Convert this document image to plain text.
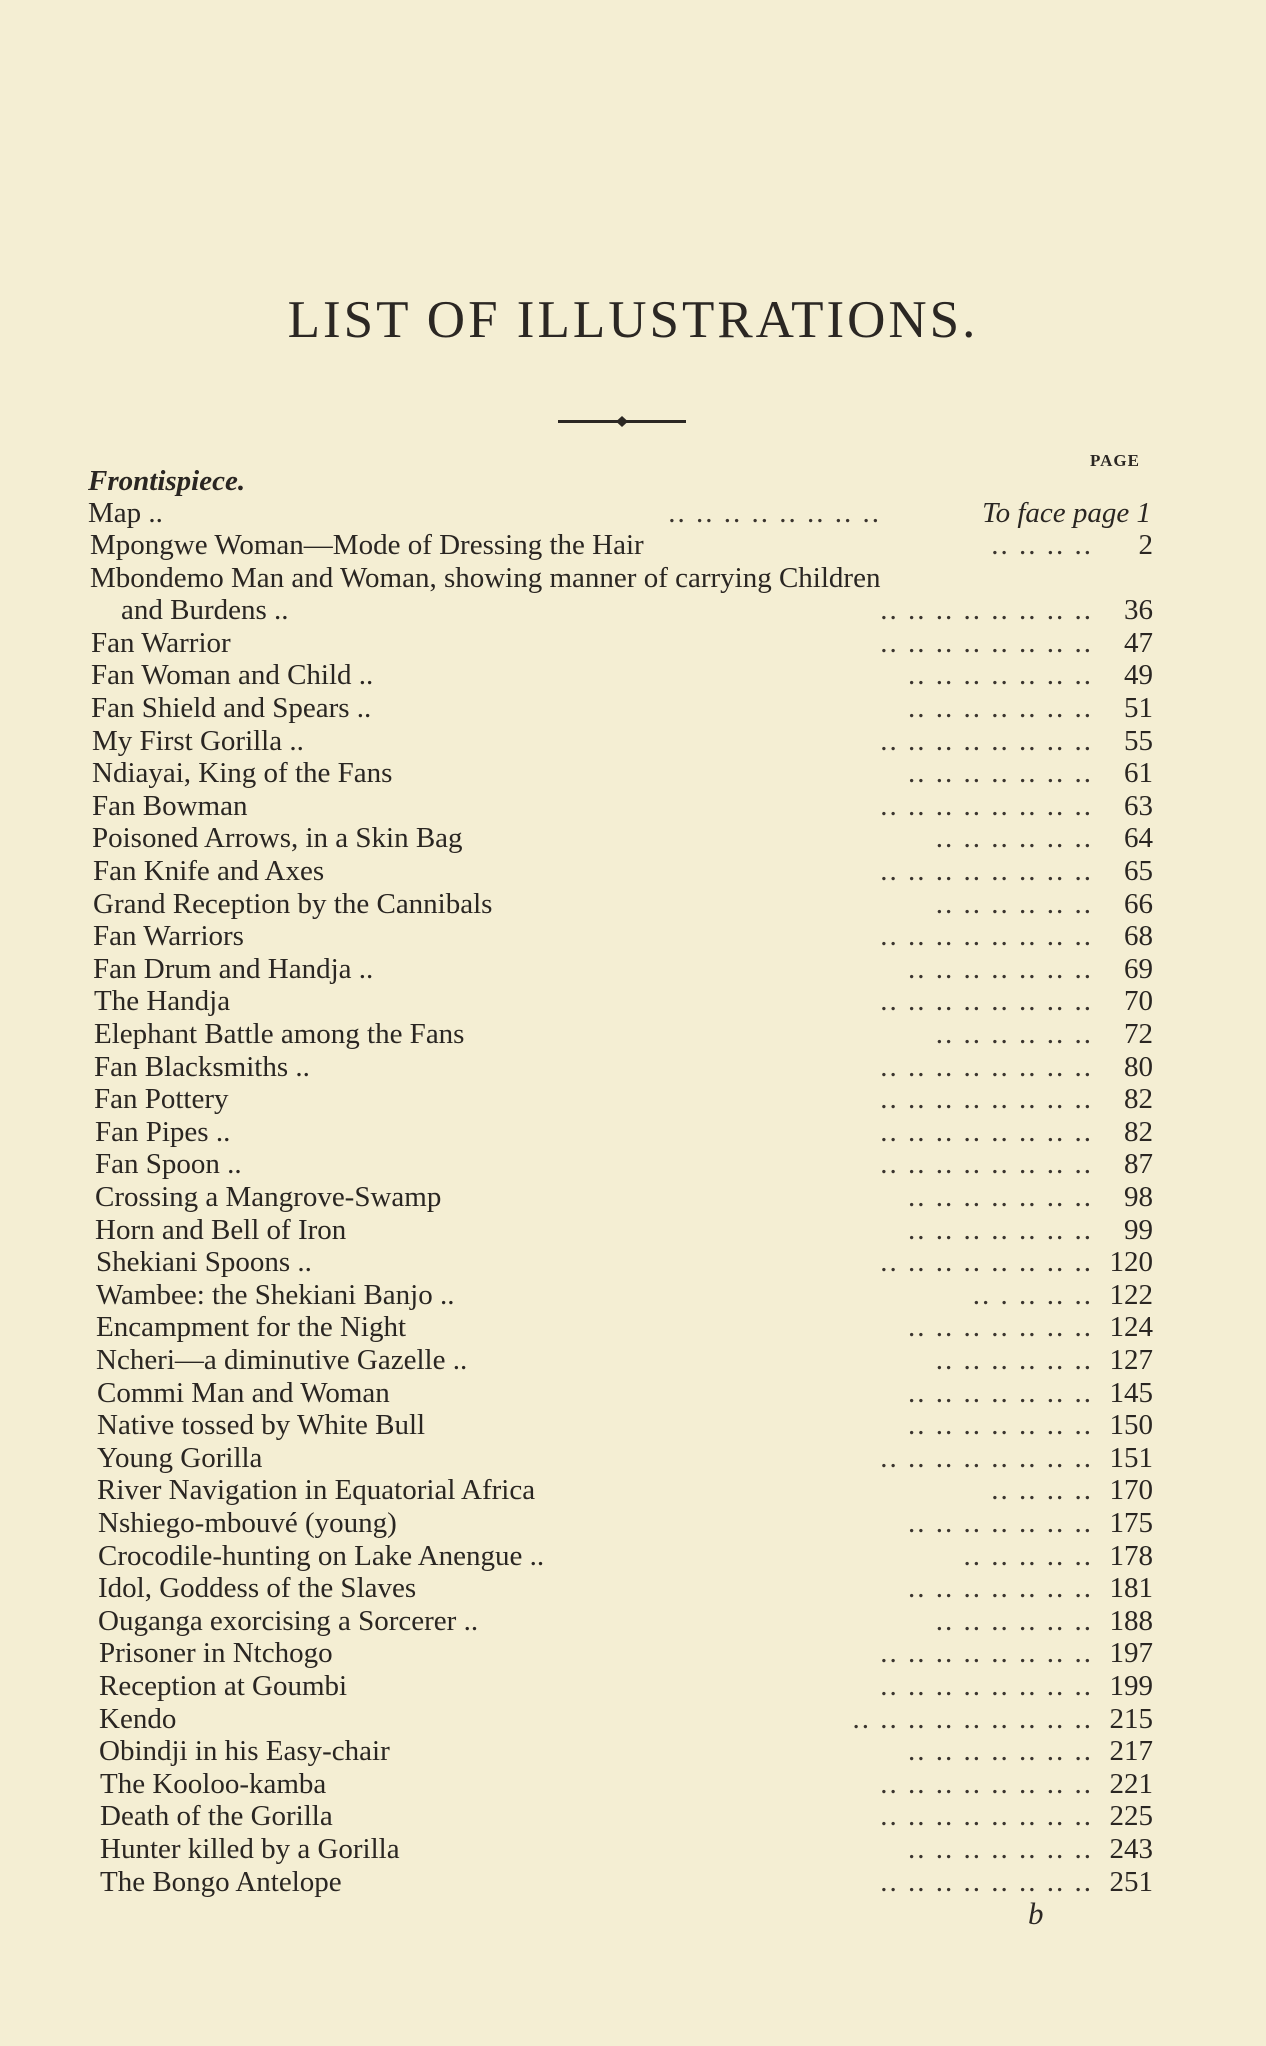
LIST OF ILLUSTRATIONS.
PAGE
Frontispiece.
Map ..	.. .. .. .. .. .. .. ..	To face page 1
Mpongwe Woman—Mode of Dressing the Hair	.. .. .. ..	2
Mbondemo Man and Woman, showing manner of carrying Children
and Burdens ..	.. .. .. .. .. .. .. ..	36
Fan Warrior	.. .. .. .. .. .. .. ..	47
Fan Woman and Child ..	.. .. .. .. .. .. ..	49
Fan Shield and Spears ..	.. .. .. .. .. .. ..	51
My First Gorilla ..	.. .. .. .. .. .. .. ..	55
Ndiayai, King of the Fans	.. .. .. .. .. .. ..	61
Fan Bowman	.. .. .. .. .. .. .. ..	63
Poisoned Arrows, in a Skin Bag	.. .. .. .. .. ..	64
Fan Knife and Axes	.. .. .. .. .. .. .. ..	65
Grand Reception by the Cannibals	.. .. .. .. .. ..	66
Fan Warriors	.. .. .. .. .. .. .. ..	68
Fan Drum and Handja ..	.. .. .. .. .. .. ..	69
The Handja	.. .. .. .. .. .. .. ..	70
Elephant Battle among the Fans	.. .. .. .. .. ..	72
Fan Blacksmiths ..	.. .. .. .. .. .. .. ..	80
Fan Pottery	.. .. .. .. .. .. .. ..	82
Fan Pipes ..	.. .. .. .. .. .. .. ..	82
Fan Spoon ..	.. .. .. .. .. .. .. ..	87
Crossing a Mangrove-Swamp	.. .. .. .. .. .. ..	98
Horn and Bell of Iron	.. .. .. .. .. .. ..	99
Shekiani Spoons ..	.. .. .. .. .. .. .. .. 120
Wambee: the Shekiani Banjo ..	.. . .. .. .. 122
Encampment for the Night	.. .. .. .. .. .. .. 124
Ncheri—a diminutive Gazelle ..	.. .. .. .. .. .. 127
Commi Man and Woman	.. .. .. .. .. .. .. 145
Native tossed by White Bull	.. .. .. .. .. .. .. 150
Young Gorilla	.. .. .. .. .. .. .. .. 151
River Navigation in Equatorial Africa	.. .. .. .. 170
Nshiego-mbouvé (young)	.. .. .. .. .. .. .. 175
Crocodile-hunting on Lake Anengue ..	.. .. .. .. .. 178
Idol, Goddess of the Slaves	.. .. .. .. .. .. .. 181
Ouganga exorcising a Sorcerer ..	.. .. .. .. .. .. 188
Prisoner in Ntchogo	.. .. .. .. .. .. .. .. 197
Reception at Goumbi	.. .. .. .. .. .. .. .. 199
Kendo	.. .. .. .. .. .. .. .. .. 215
Obindji in his Easy-chair	.. .. .. .. .. .. .. 217
The Kooloo-kamba	.. .. .. .. .. .. .. .. 221
Death of the Gorilla	.. .. .. .. .. .. .. .. 225
Hunter killed by a Gorilla	.. .. .. .. .. .. .. 243
The Bongo Antelope	.. .. .. .. .. .. .. .. 251
b
